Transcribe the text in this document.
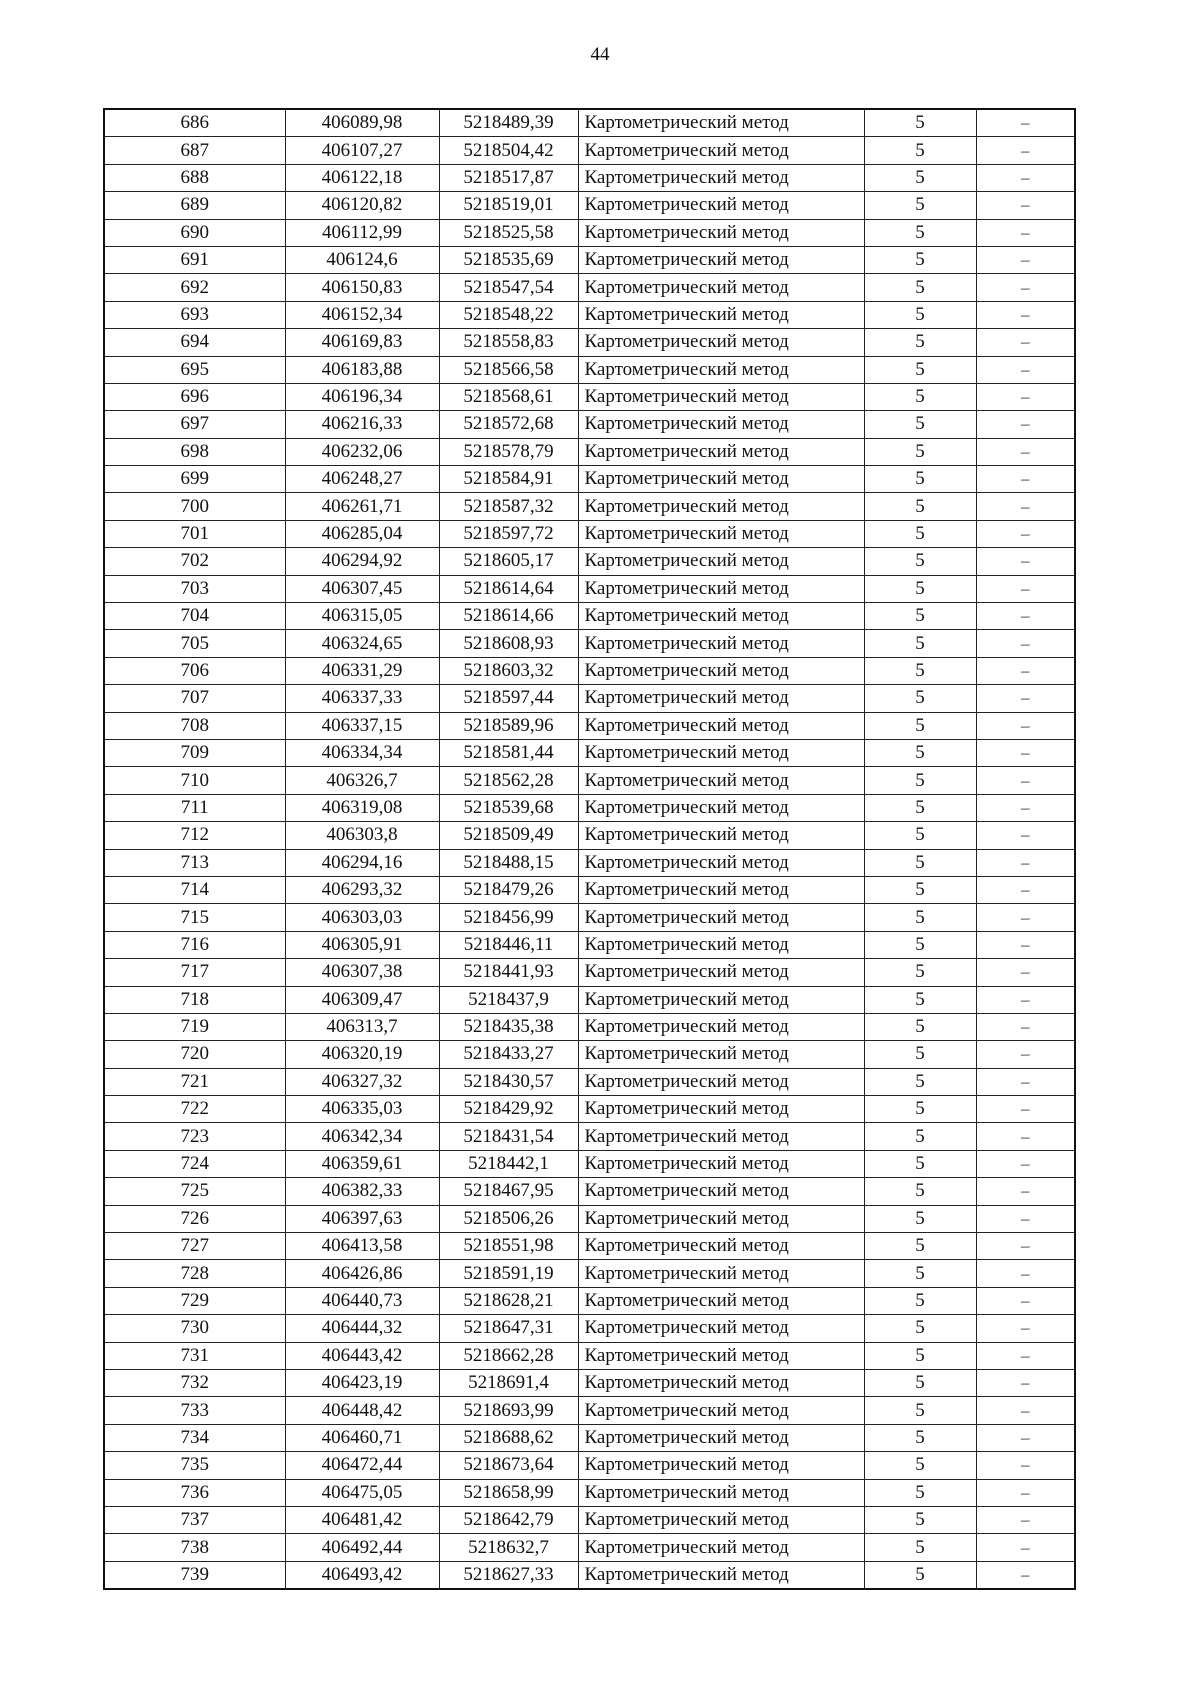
44
686	406089,98	5218489,39	Картометрический метод	5	–
687	406107,27	5218504,42	Картометрический метод	5	–
688	406122,18	5218517,87	Картометрический метод	5	–
689	406120,82	5218519,01	Картометрический метод	5	–
690	406112,99	5218525,58	Картометрический метод	5	–
691	406124,6	5218535,69	Картометрический метод	5	–
692	406150,83	5218547,54	Картометрический метод	5	–
693	406152,34	5218548,22	Картометрический метод	5	–
694	406169,83	5218558,83	Картометрический метод	5	–
695	406183,88	5218566,58	Картометрический метод	5	–
696	406196,34	5218568,61	Картометрический метод	5	–
697	406216,33	5218572,68	Картометрический метод	5	–
698	406232,06	5218578,79	Картометрический метод	5	–
699	406248,27	5218584,91	Картометрический метод	5	–
700	406261,71	5218587,32	Картометрический метод	5	–
701	406285,04	5218597,72	Картометрический метод	5	–
702	406294,92	5218605,17	Картометрический метод	5	–
703	406307,45	5218614,64	Картометрический метод	5	–
704	406315,05	5218614,66	Картометрический метод	5	–
705	406324,65	5218608,93	Картометрический метод	5	–
706	406331,29	5218603,32	Картометрический метод	5	–
707	406337,33	5218597,44	Картометрический метод	5	–
708	406337,15	5218589,96	Картометрический метод	5	–
709	406334,34	5218581,44	Картометрический метод	5	–
710	406326,7	5218562,28	Картометрический метод	5	–
711	406319,08	5218539,68	Картометрический метод	5	–
712	406303,8	5218509,49	Картометрический метод	5	–
713	406294,16	5218488,15	Картометрический метод	5	–
714	406293,32	5218479,26	Картометрический метод	5	–
715	406303,03	5218456,99	Картометрический метод	5	–
716	406305,91	5218446,11	Картометрический метод	5	–
717	406307,38	5218441,93	Картометрический метод	5	–
718	406309,47	5218437,9	Картометрический метод	5	–
719	406313,7	5218435,38	Картометрический метод	5	–
720	406320,19	5218433,27	Картометрический метод	5	–
721	406327,32	5218430,57	Картометрический метод	5	–
722	406335,03	5218429,92	Картометрический метод	5	–
723	406342,34	5218431,54	Картометрический метод	5	–
724	406359,61	5218442,1	Картометрический метод	5	–
725	406382,33	5218467,95	Картометрический метод	5	–
726	406397,63	5218506,26	Картометрический метод	5	–
727	406413,58	5218551,98	Картометрический метод	5	–
728	406426,86	5218591,19	Картометрический метод	5	–
729	406440,73	5218628,21	Картометрический метод	5	–
730	406444,32	5218647,31	Картометрический метод	5	–
731	406443,42	5218662,28	Картометрический метод	5	–
732	406423,19	5218691,4	Картометрический метод	5	–
733	406448,42	5218693,99	Картометрический метод	5	–
734	406460,71	5218688,62	Картометрический метод	5	–
735	406472,44	5218673,64	Картометрический метод	5	–
736	406475,05	5218658,99	Картометрический метод	5	–
737	406481,42	5218642,79	Картометрический метод	5	–
738	406492,44	5218632,7	Картометрический метод	5	–
739	406493,42	5218627,33	Картометрический метод	5	–
